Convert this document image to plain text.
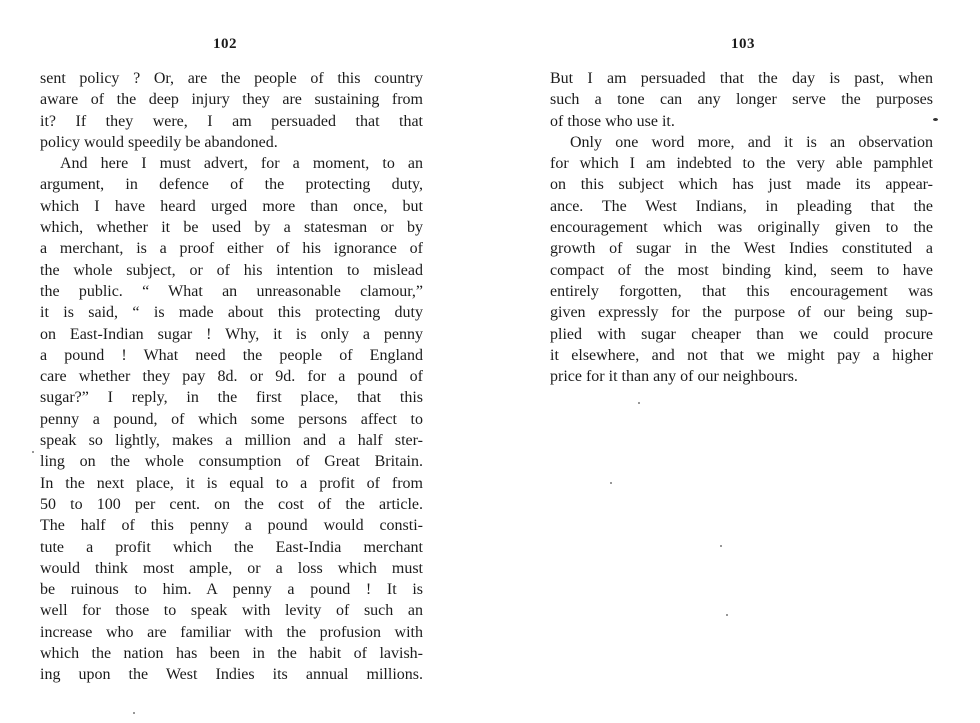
102
sent policy ? Or, are the people of this country
aware of the deep injury they are sustaining from
it? If they were, I am persuaded that that
policy would speedily be abandoned.
And here I must advert, for a moment, to an
argument, in defence of the protecting duty,
which I have heard urged more than once, but
which, whether it be used by a statesman or by
a merchant, is a proof either of his ignorance of
the whole subject, or of his intention to mislead
the public. “ What an unreasonable clamour,”
it is said, “ is made about this protecting duty
on East-Indian sugar ! Why, it is only a penny
a pound ! What need the people of England
care whether they pay 8d. or 9d. for a pound of
sugar?” I reply, in the first place, that this
penny a pound, of which some persons affect to
speak so lightly, makes a million and a half ster-
ling on the whole consumption of Great Britain.
In the next place, it is equal to a profit of from
50 to 100 per cent. on the cost of the article.
The half of this penny a pound would consti-
tute a profit which the East-India merchant
would think most ample, or a loss which must
be ruinous to him. A penny a pound ! It is
well for those to speak with levity of such an
increase who are familiar with the profusion with
which the nation has been in the habit of lavish-
ing upon the West Indies its annual millions.
103
But I am persuaded that the day is past, when
such a tone can any longer serve the purposes
of those who use it.
Only one word more, and it is an observation
for which I am indebted to the very able pamphlet
on this subject which has just made its appear-
ance. The West Indians, in pleading that the
encouragement which was originally given to the
growth of sugar in the West Indies constituted a
compact of the most binding kind, seem to have
entirely forgotten, that this encouragement was
given expressly for the purpose of our being sup-
plied with sugar cheaper than we could procure
it elsewhere, and not that we might pay a higher
price for it than any of our neighbours.
